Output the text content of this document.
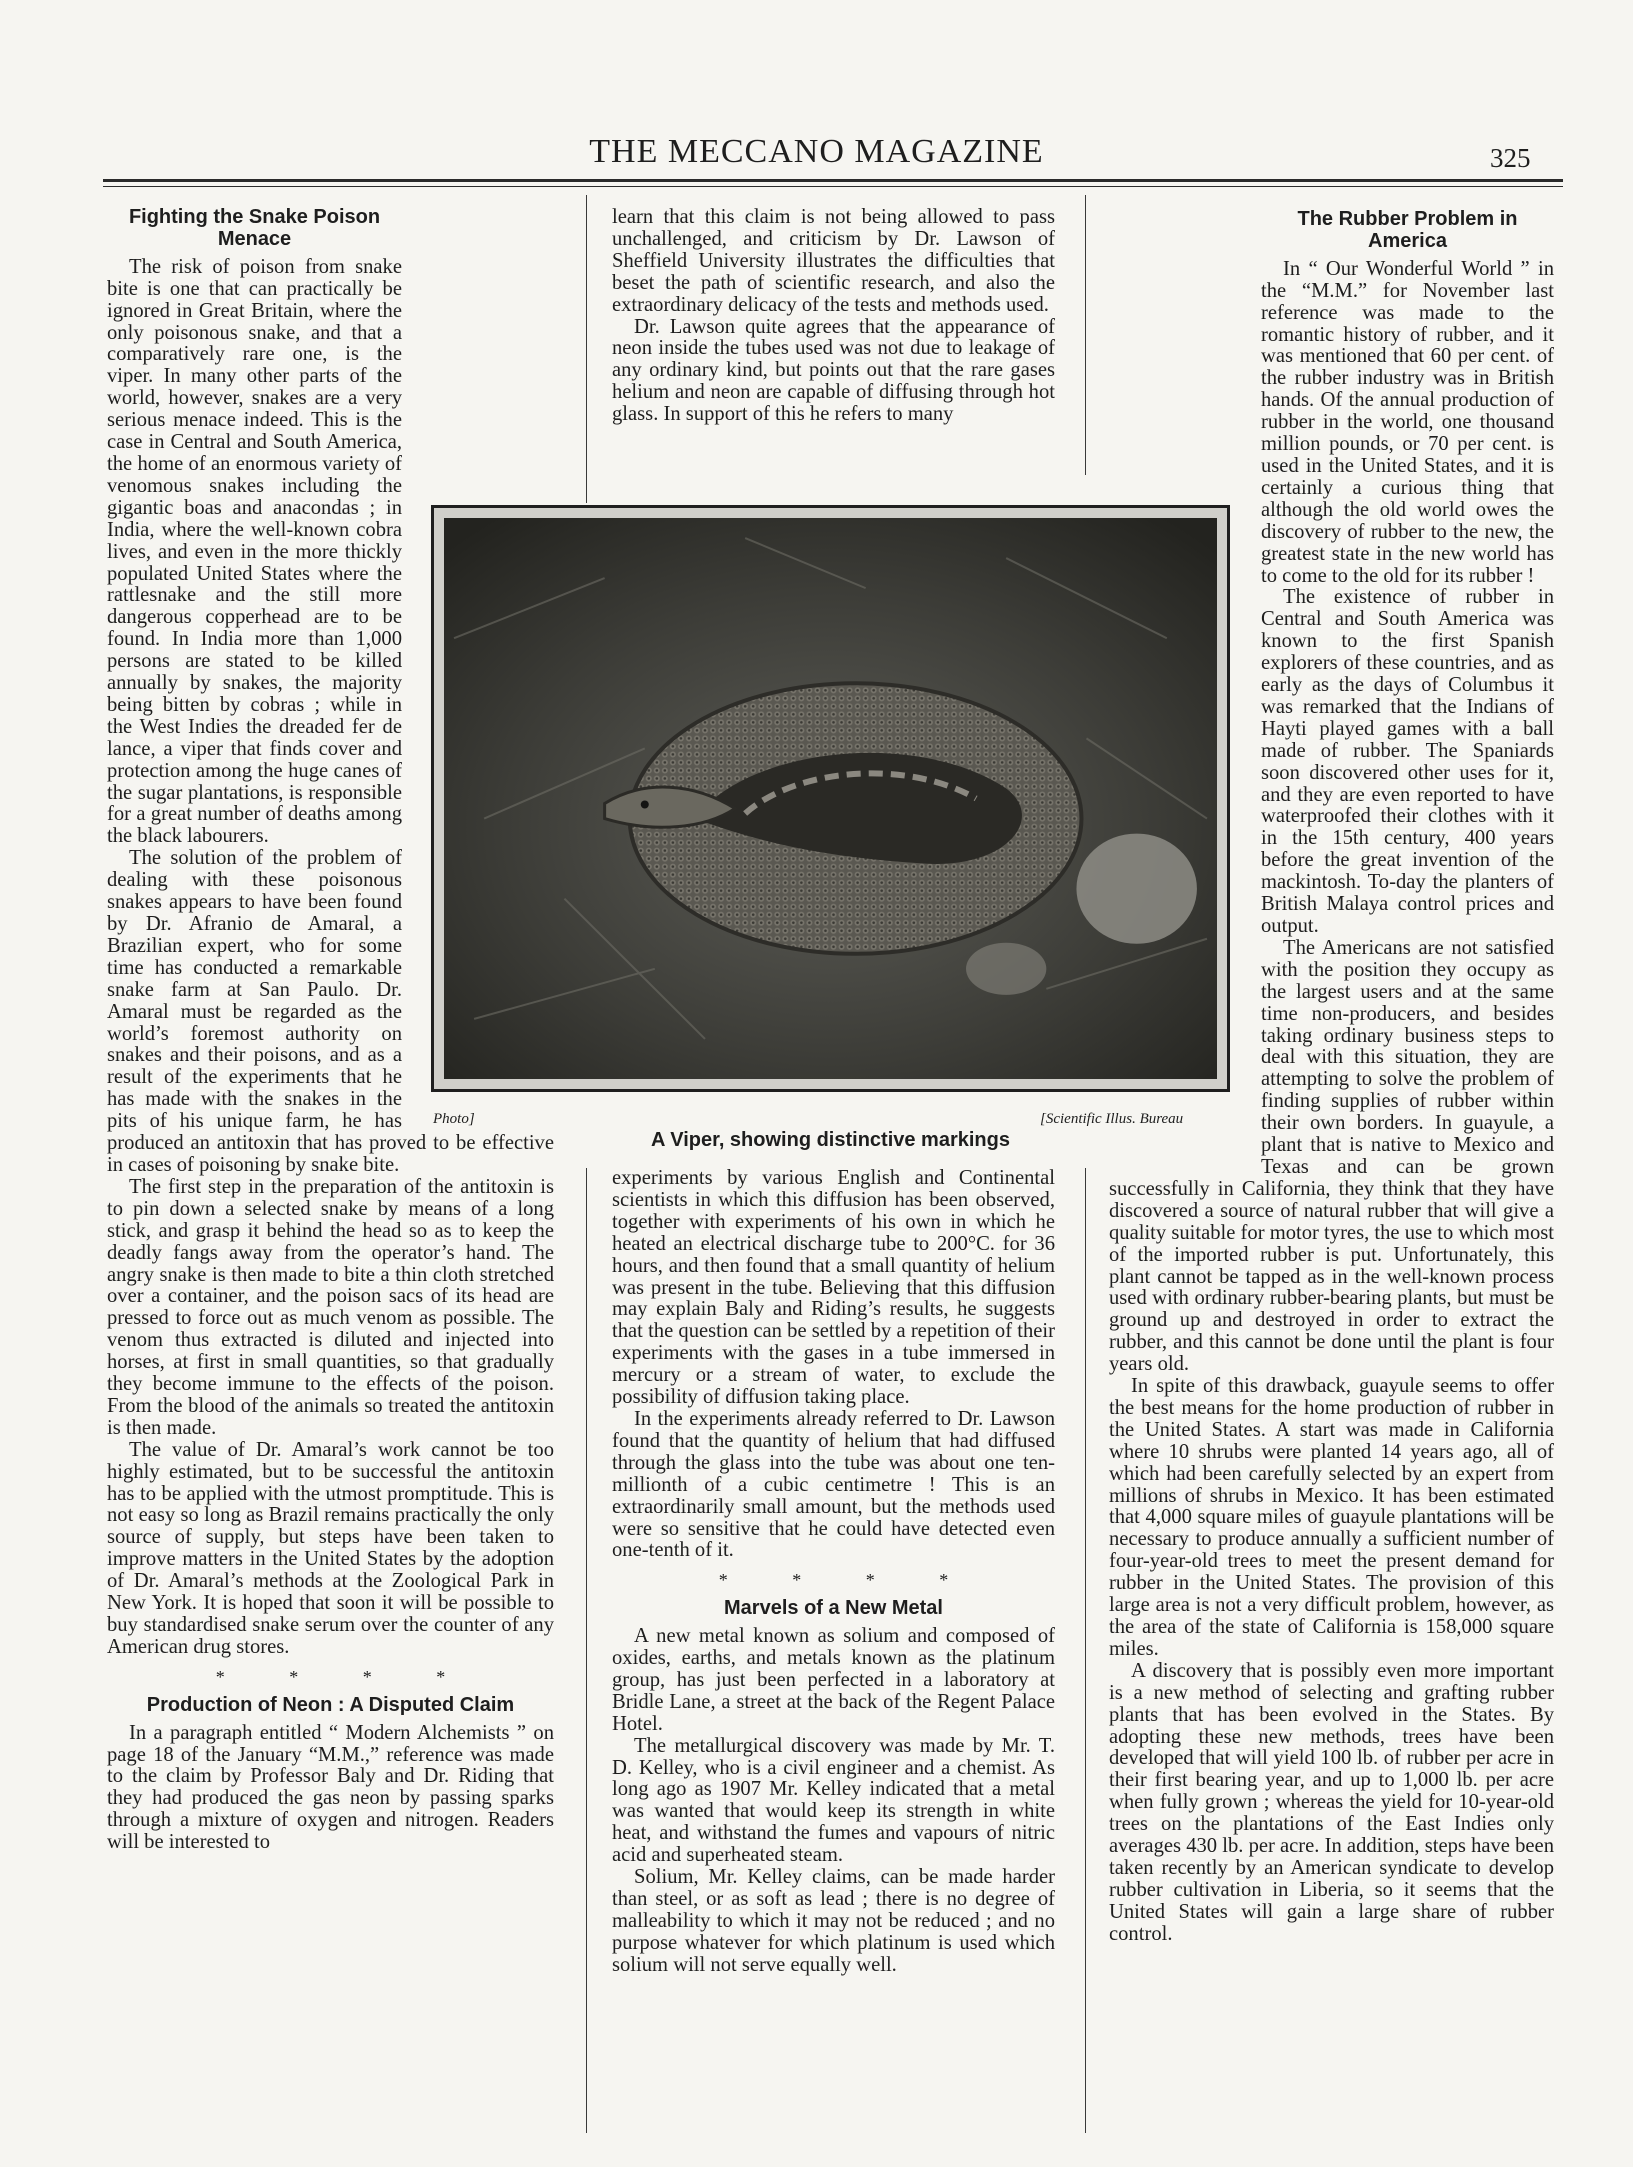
THE MECCANO MAGAZINE	325
Photo]	[Scientific Illus. Bureau
A Viper, showing distinctive markings
Fighting the Snake Poison Menace

The risk of poison from snake bite is one that can practically be ignored in Great Britain, where the only poisonous snake, and that a comparatively rare one, is the viper. In many other parts of the world, however, snakes are a very serious menace indeed. This is the case in Central and South America, the home of an enormous variety of venomous snakes including the gigantic boas and anacondas ; in India, where the well-known cobra lives, and even in the more thickly populated United States where the rattlesnake and the still more dangerous copperhead are to be found. In India more than 1,000 persons are stated to be killed annually by snakes, the majority being bitten by cobras ; while in the West Indies the dreaded fer de lance, a viper that finds cover and protection among the huge canes of the sugar plantations, is responsible for a great number of deaths among the black labourers.

The solution of the problem of dealing with these poisonous snakes appears to have been found by Dr. Afranio de Amaral, a Brazilian expert, who for some time has conducted a remarkable snake farm at San Paulo. Dr. Amaral must be regarded as the world’s foremost authority on snakes and their poisons, and as a result of the experiments that he has made with the snakes in the pits of his unique farm, he has produced an antitoxin that has proved to be effective in cases of poisoning by snake bite.

The first step in the preparation of the antitoxin is to pin down a selected snake by means of a long stick, and grasp it behind the head so as to keep the deadly fangs away from the operator’s hand. The angry snake is then made to bite a thin cloth stretched over a container, and the poison sacs of its head are pressed to force out as much venom as possible. The venom thus extracted is diluted and injected into horses, at first in small quantities, so that gradually they become immune to the effects of the poison. From the blood of the animals so treated the antitoxin is then made.

The value of Dr. Amaral’s work cannot be too highly estimated, but to be successful the antitoxin has to be applied with the utmost promptitude. This is not easy so long as Brazil remains practically the only source of supply, but steps have been taken to improve matters in the United States by the adoption of Dr. Amaral’s methods at the Zoological Park in New York. It is hoped that soon it will be possible to buy standardised snake serum over the counter of any American drug stores.

* * * *
Production of Neon : A Disputed Claim

In a paragraph entitled “ Modern Alchemists ” on page 18 of the January “M.M.,” reference was made to the claim by Professor Baly and Dr. Riding that they had produced the gas neon by passing sparks through a mixture of oxygen and nitrogen. Readers will be interested to

learn that this claim is not being allowed to pass unchallenged, and criticism by Dr. Lawson of Sheffield University illustrates the difficulties that beset the path of scientific research, and also the extraordinary delicacy of the tests and methods used.

Dr. Lawson quite agrees that the appearance of neon inside the tubes used was not due to leakage of any ordinary kind, but points out that the rare gases helium and neon are capable of diffusing through hot glass. In support of this he refers to many

experiments by various English and Continental scientists in which this diffusion has been observed, together with experiments of his own in which he heated an electrical discharge tube to 200°C. for 36 hours, and then found that a small quantity of helium was present in the tube. Believing that this diffusion may explain Baly and Riding’s results, he suggests that the question can be settled by a repetition of their experiments with the gases in a tube immersed in mercury or a stream of water, to exclude the possibility of diffusion taking place.

In the experiments already referred to Dr. Lawson found that the quantity of helium that had diffused through the glass into the tube was about one ten-millionth of a cubic centimetre ! This is an extraordinarily small amount, but the methods used were so sensitive that he could have detected even one-tenth of it.

* * * *
Marvels of a New Metal

A new metal known as solium and composed of oxides, earths, and metals known as the platinum group, has just been perfected in a laboratory at Bridle Lane, a street at the back of the Regent Palace Hotel.

The metallurgical discovery was made by Mr. T. D. Kelley, who is a civil engineer and a chemist. As long ago as 1907 Mr. Kelley indicated that a metal was wanted that would keep its strength in white heat, and withstand the fumes and vapours of nitric acid and superheated steam.

Solium, Mr. Kelley claims, can be made harder than steel, or as soft as lead ; there is no degree of malleability to which it may not be reduced ; and no purpose whatever for which platinum is used which solium will not serve equally well.

The Rubber Problem in America

In “ Our Wonderful World ” in the “M.M.” for November last reference was made to the romantic history of rubber, and it was mentioned that 60 per cent. of the rubber industry was in British hands. Of the annual production of rubber in the world, one thousand million pounds, or 70 per cent. is used in the United States, and it is certainly a curious thing that although the old world owes the discovery of rubber to the new, the greatest state in the new world has to come to the old for its rubber !

The existence of rubber in Central and South America was known to the first Spanish explorers of these countries, and as early as the days of Columbus it was remarked that the Indians of Hayti played games with a ball made of rubber. The Spaniards soon discovered other uses for it, and they are even reported to have waterproofed their clothes with it in the 15th century, 400 years before the great invention of the mackintosh. To-day the planters of British Malaya control prices and output.

The Americans are not satisfied with the position they occupy as the largest users and at the same time non-producers, and besides taking ordinary business steps to deal with this situation, they are attempting to solve the problem of finding supplies of rubber within their own borders. In guayule, a plant that is native to Mexico and Texas and can be grown successfully in California, they think that they have discovered a source of natural rubber that will give a quality suitable for motor tyres, the use to which most of the imported rubber is put. Unfortunately, this plant cannot be tapped as in the well-known process used with ordinary rubber-bearing plants, but must be ground up and destroyed in order to extract the rubber, and this cannot be done until the plant is four years old.

In spite of this drawback, guayule seems to offer the best means for the home production of rubber in the United States. A start was made in California where 10 shrubs were planted 14 years ago, all of which had been carefully selected by an expert from millions of shrubs in Mexico. It has been estimated that 4,000 square miles of guayule plantations will be necessary to produce annually a sufficient number of four-year-old trees to meet the present demand for rubber in the United States. The provision of this large area is not a very difficult problem, however, as the area of the state of California is 158,000 square miles.

A discovery that is possibly even more important is a new method of selecting and grafting rubber plants that has been evolved in the States. By adopting these new methods, trees have been developed that will yield 100 lb. of rubber per acre in their first bearing year, and up to 1,000 lb. per acre when fully grown ; whereas the yield for 10-year-old trees on the plantations of the East Indies only averages 430 lb. per acre. In addition, steps have been taken recently by an American syndicate to develop rubber cultivation in Liberia, so it seems that the United States will gain a large share of rubber control.
